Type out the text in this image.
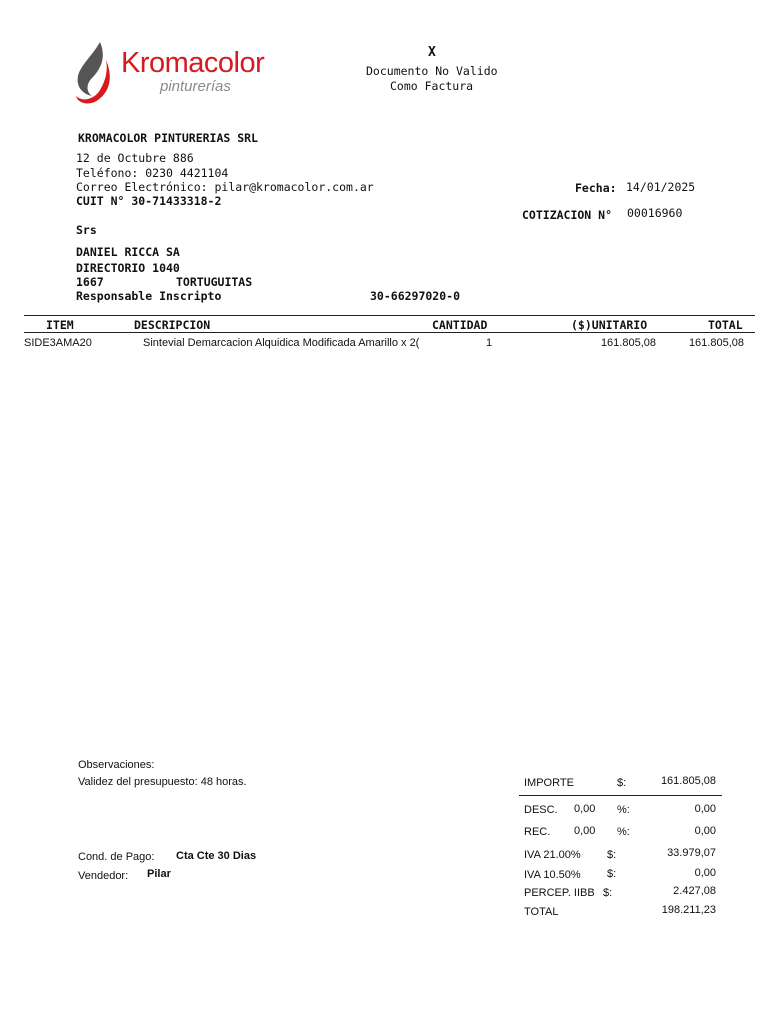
Kromacolor
pinturerías
X
Documento No Valido
Como Factura
KROMACOLOR PINTURERIAS SRL
12 de Octubre 886
Teléfono: 0230 4421104
Correo Electrónico: pilar@kromacolor.com.ar
CUIT N° 30-71433318-2
Fecha: 14/01/2025
COTIZACION N° 00016960
Srs
DANIEL RICCA SA
DIRECTORIO 1040
1667	TORTUGUITAS
Responsable Inscripto	30-66297020-0
ITEM	DESCRIPCION	CANTIDAD	($)UNITARIO	TOTAL
SIDE3AMA20	Sintevial Demarcacion Alquidica Modificada Amarillo x 2(	1	161.805,08	161.805,08
Observaciones:
Validez del presupuesto: 48 horas.
Cond. de Pago: Cta Cte 30 Dias
Vendedor: Pilar
IMPORTE	$:	161.805,08
DESC. 0,00 %:	0,00
REC. 0,00 %:	0,00
IVA 21.00% $:	33.979,07
IVA 10.50% $:	0,00
PERCEP. IIBB $:	2.427,08
TOTAL	198.211,23
